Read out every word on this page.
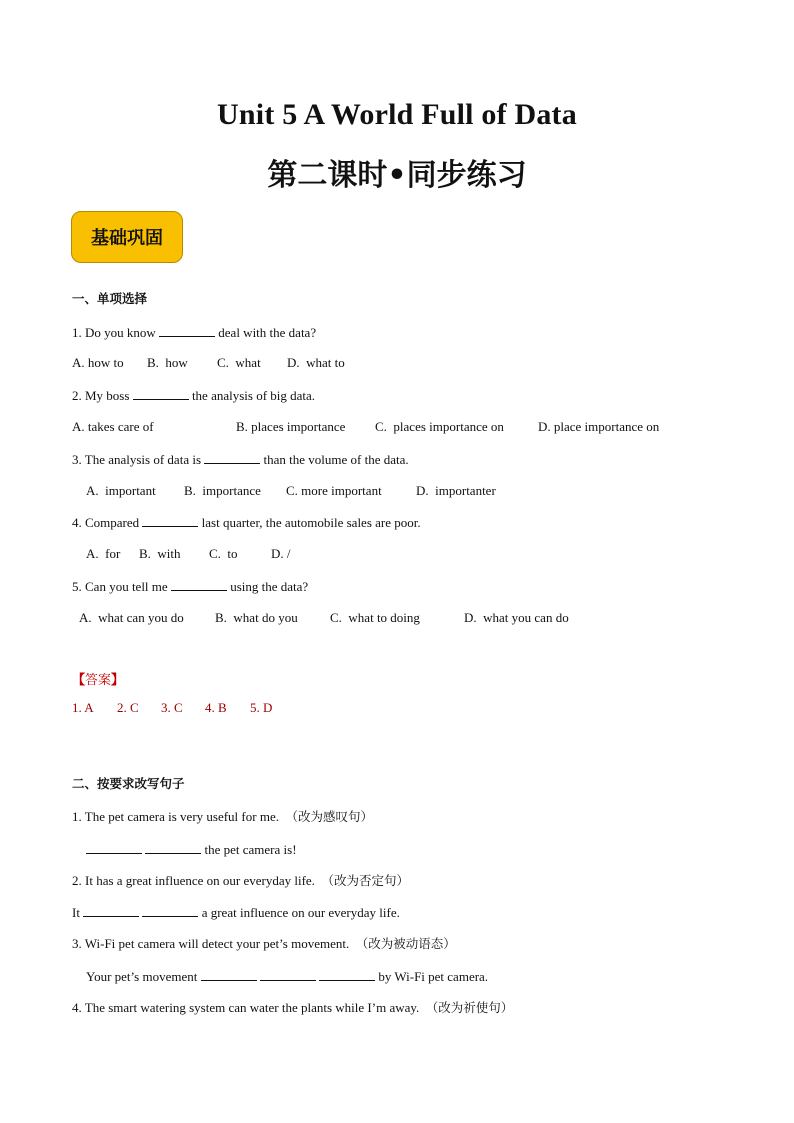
Unit 5 A World Full of Data
第二课时•同步练习
基础巩固
一、单项选择
1. Do you know	deal with the data?
A. how to B.  how C.  what D.  what to
2. My boss	the analysis of big data.
A. takes care of	B. places importance C.  places importance on	D. place importance on
3. The analysis of data is	than the volume of the data.
A.  important B.  importance C. more important	D.  importanter
4. Compared	last quarter, the automobile sales are poor.
A.  for B.  with C.  to	D. /
5. Can you tell me	using the data?
A.  what can you do B.  what do you C.  what to doing	D.  what you can do
【答案】
1. A 2. C 3. C 4. B 5. D
二、按要求改写句子
1. The pet camera is very useful for me. （改为感叹句）
the pet camera is!
2. It has a great influence on our everyday life. （改为否定句）
It	a great influence on our everyday life.
3. Wi-Fi pet camera will detect your pet’s movement. （改为被动语态）
Your pet’s movement	by Wi-Fi pet camera.
4. The smart watering system can water the plants while I’m away. （改为祈使句）
